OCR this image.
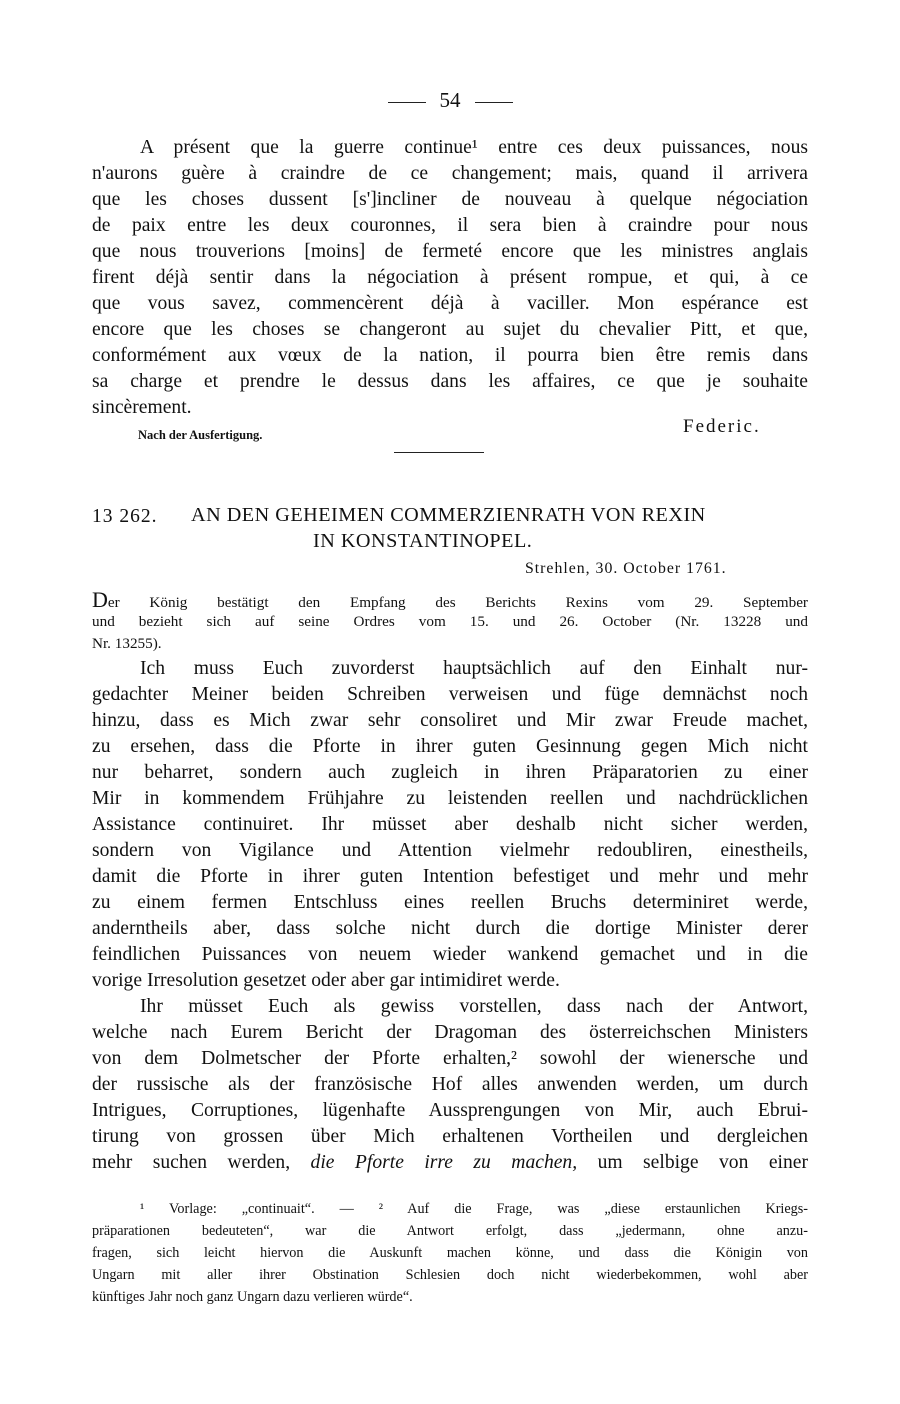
54
A présent que la guerre continue¹ entre ces deux puissances, nous
n'aurons guère à craindre de ce changement; mais, quand il arrivera
que les choses dussent [s']incliner de nouveau à quelque négociation
de paix entre les deux couronnes, il sera bien à craindre pour nous
que nous trouverions [moins] de fermeté encore que les ministres anglais
firent déjà sentir dans la négociation à présent rompue, et qui, à ce
que vous savez, commencèrent déjà à vaciller. Mon espérance est
encore que les choses se changeront au sujet du chevalier Pitt, et que,
conformément aux vœux de la nation, il pourra bien être remis dans
sa charge et prendre le dessus dans les affaires, ce que je souhaite
sincèrement.
Nach der Ausfertigung.	Federic.
13 262. AN DEN GEHEIMEN COMMERZIENRATH VON REXIN
IN KONSTANTINOPEL.
Strehlen, 30. October 1761.
Der König bestätigt den Empfang des Berichts Rexins vom 29. September
und bezieht sich auf seine Ordres vom 15. und 26. October (Nr. 13228 und
Nr. 13255).
Ich muss Euch zuvorderst hauptsächlich auf den Einhalt nur-
gedachter Meiner beiden Schreiben verweisen und füge demnächst noch
hinzu, dass es Mich zwar sehr consoliret und Mir zwar Freude machet,
zu ersehen, dass die Pforte in ihrer guten Gesinnung gegen Mich nicht
nur beharret, sondern auch zugleich in ihren Präparatorien zu einer
Mir in kommendem Frühjahre zu leistenden reellen und nachdrücklichen
Assistance continuiret. Ihr müsset aber deshalb nicht sicher werden,
sondern von Vigilance und Attention vielmehr redoubliren, einestheils,
damit die Pforte in ihrer guten Intention befestiget und mehr und mehr
zu einem fermen Entschluss eines reellen Bruchs determiniret werde,
anderntheils aber, dass solche nicht durch die dortige Minister derer
feindlichen Puissances von neuem wieder wankend gemachet und in die
vorige Irresolution gesetzet oder aber gar intimidiret werde.
Ihr müsset Euch als gewiss vorstellen, dass nach der Antwort,
welche nach Eurem Bericht der Dragoman des österreichschen Ministers
von dem Dolmetscher der Pforte erhalten,² sowohl der wienersche und
der russische als der französische Hof alles anwenden werden, um durch
Intrigues, Corruptiones, lügenhafte Aussprengungen von Mir, auch Ebrui-
tirung von grossen über Mich erhaltenen Vortheilen und dergleichen
mehr suchen werden, die Pforte irre zu machen, um selbige von einer
¹ Vorlage: „continuait“. — ² Auf die Frage, was „diese erstaunlichen Kriegs-
präparationen bedeuteten“, war die Antwort erfolgt, dass „jedermann, ohne anzu-
fragen, sich leicht hiervon die Auskunft machen könne, und dass die Königin von
Ungarn mit aller ihrer Obstination Schlesien doch nicht wiederbekommen, wohl aber
künftiges Jahr noch ganz Ungarn dazu verlieren würde“.
